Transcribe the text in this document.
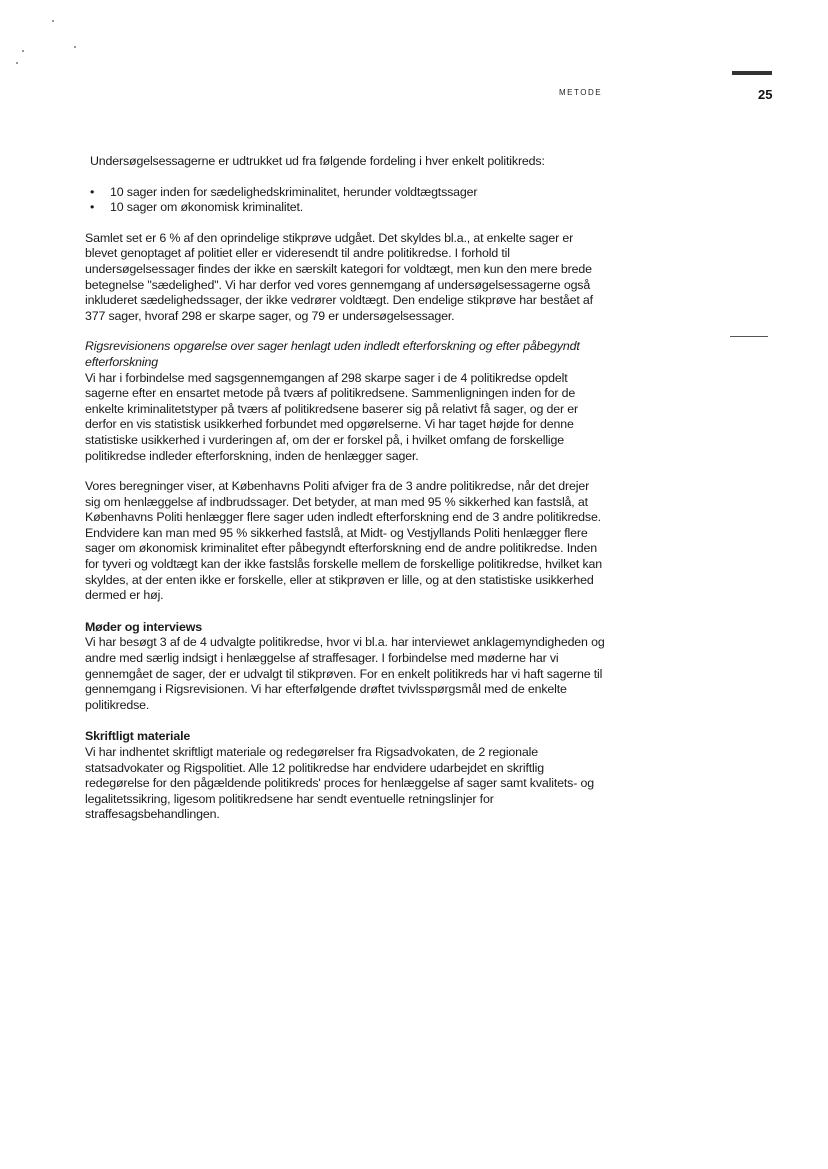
METODE	25

Undersøgelsessagerne er udtrukket ud fra følgende fordeling i hver enkelt politikreds:

• 10 sager inden for sædelighedskriminalitet, herunder voldtægtssager
• 10 sager om økonomisk kriminalitet.

Samlet set er 6 % af den oprindelige stikprøve udgået. Det skyldes bl.a., at enkelte sager er blevet genoptaget af politiet eller er videresendt til andre politikredse. I forhold til undersøgelsessager findes der ikke en særskilt kategori for voldtægt, men kun den mere brede betegnelse "sædelighed". Vi har derfor ved vores gennemgang af undersøgelsessagerne også inkluderet sædelighedssager, der ikke vedrører voldtægt. Den endelige stikprøve har bestået af 377 sager, hvoraf 298 er skarpe sager, og 79 er undersøgelsessager.

Rigsrevisionens opgørelse over sager henlagt uden indledt efterforskning og efter påbegyndt efterforskning

Vi har i forbindelse med sagsgennemgangen af 298 skarpe sager i de 4 politikredse opdelt sagerne efter en ensartet metode på tværs af politikredsene. Sammenligningen inden for de enkelte kriminalitetstyper på tværs af politikredsene baserer sig på relativt få sager, og der er derfor en vis statistisk usikkerhed forbundet med opgørelserne. Vi har taget højde for denne statistiske usikkerhed i vurderingen af, om der er forskel på, i hvilket omfang de forskellige politikredse indleder efterforskning, inden de henlægger sager.

Vores beregninger viser, at Københavns Politi afviger fra de 3 andre politikredse, når det drejer sig om henlæggelse af indbrudssager. Det betyder, at man med 95 % sikkerhed kan fastslå, at Københavns Politi henlægger flere sager uden indledt efterforskning end de 3 andre politikredse. Endvidere kan man med 95 % sikkerhed fastslå, at Midt- og Vestjyllands Politi henlægger flere sager om økonomisk kriminalitet efter påbegyndt efterforskning end de andre politikredse. Inden for tyveri og voldtægt kan der ikke fastslås forskelle mellem de forskellige politikredse, hvilket kan skyldes, at der enten ikke er forskelle, eller at stikprøven er lille, og at den statistiske usikkerhed dermed er høj.

Møder og interviews

Vi har besøgt 3 af de 4 udvalgte politikredse, hvor vi bl.a. har interviewet anklagemyndigheden og andre med særlig indsigt i henlæggelse af straffesager. I forbindelse med møderne har vi gennemgået de sager, der er udvalgt til stikprøven. For en enkelt politikreds har vi haft sagerne til gennemgang i Rigsrevisionen. Vi har efterfølgende drøftet tvivlsspørgsmål med de enkelte politikredse.

Skriftligt materiale

Vi har indhentet skriftligt materiale og redegørelser fra Rigsadvokaten, de 2 regionale statsadvokater og Rigspolitiet. Alle 12 politikredse har endvidere udarbejdet en skriftlig redegørelse for den pågældende politikreds' proces for henlæggelse af sager samt kvalitets- og legalitetssikring, ligesom politikredsene har sendt eventuelle retningslinjer for straffesagsbehandlingen.
